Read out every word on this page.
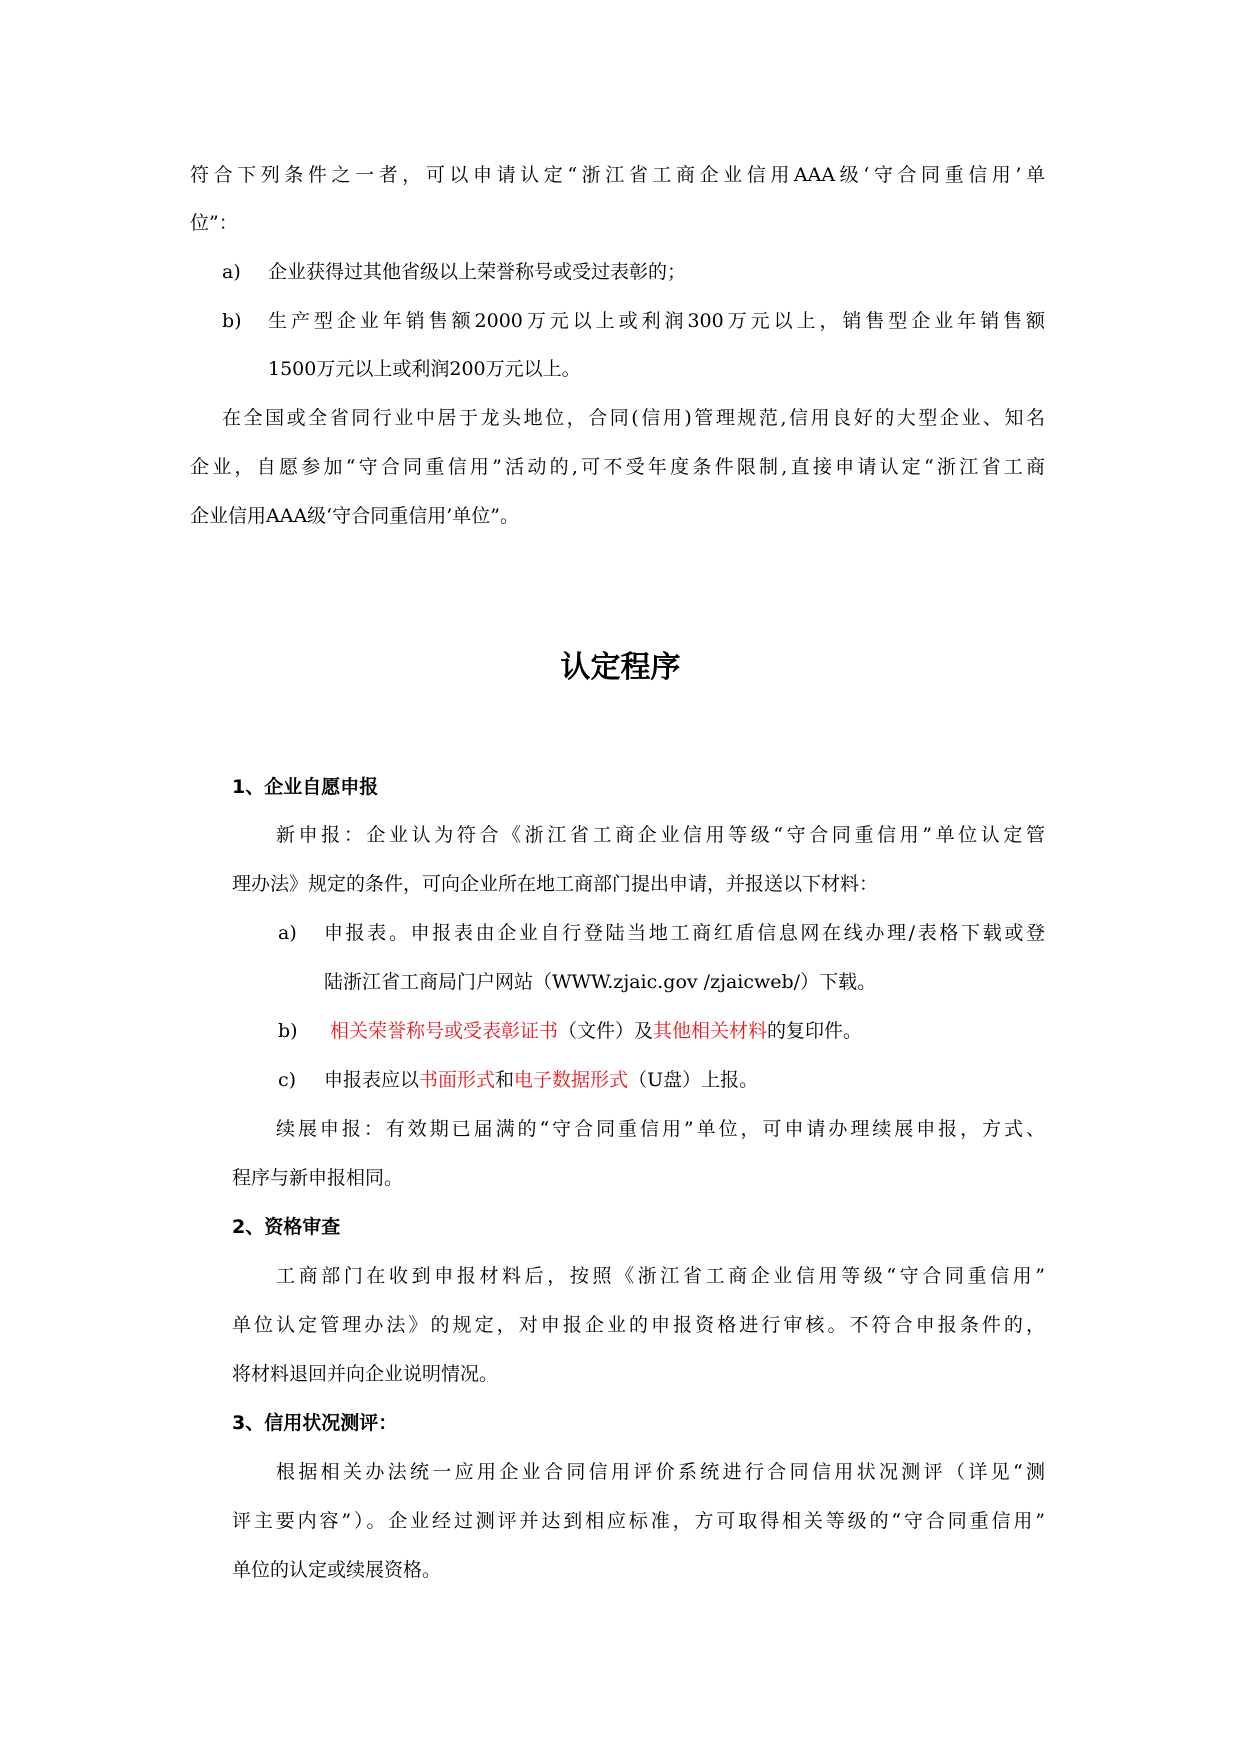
符合下列条件之一者，可以申请认定“浙江省工商企业信用AAA级‘守合同重信用’单
位”：
a) 企业获得过其他省级以上荣誉称号或受过表彰的；
b) 生产型企业年销售额2000万元以上或利润300万元以上，销售型企业年销售额
1500万元以上或利润200万元以上。
在全国或全省同行业中居于龙头地位，合同(信用)管理规范,信用良好的大型企业、知名
企业，自愿参加“守合同重信用”活动的,可不受年度条件限制,直接申请认定“浙江省工商
企业信用AAA级‘守合同重信用’单位”。
认定程序
1、企业自愿申报
新申报：企业认为符合《浙江省工商企业信用等级“守合同重信用”单位认定管
理办法》规定的条件，可向企业所在地工商部门提出申请，并报送以下材料：
a) 申报表。申报表由企业自行登陆当地工商红盾信息网在线办理/表格下载或登
陆浙江省工商局门户网站（WWW.zjaic.gov /zjaicweb/）下载。
b) 相关荣誉称号或受表彰证书（文件）及其他相关材料的复印件。
c) 申报表应以书面形式和电子数据形式（U盘）上报。
续展申报：有效期已届满的“守合同重信用”单位，可申请办理续展申报，方式、
程序与新申报相同。
2、资格审查
工商部门在收到申报材料后，按照《浙江省工商企业信用等级“守合同重信用”
单位认定管理办法》的规定，对申报企业的申报资格进行审核。不符合申报条件的，
将材料退回并向企业说明情况。
3、信用状况测评：
根据相关办法统一应用企业合同信用评价系统进行合同信用状况测评（详见“测
评主要内容”）。企业经过测评并达到相应标准，方可取得相关等级的“守合同重信用”
单位的认定或续展资格。
